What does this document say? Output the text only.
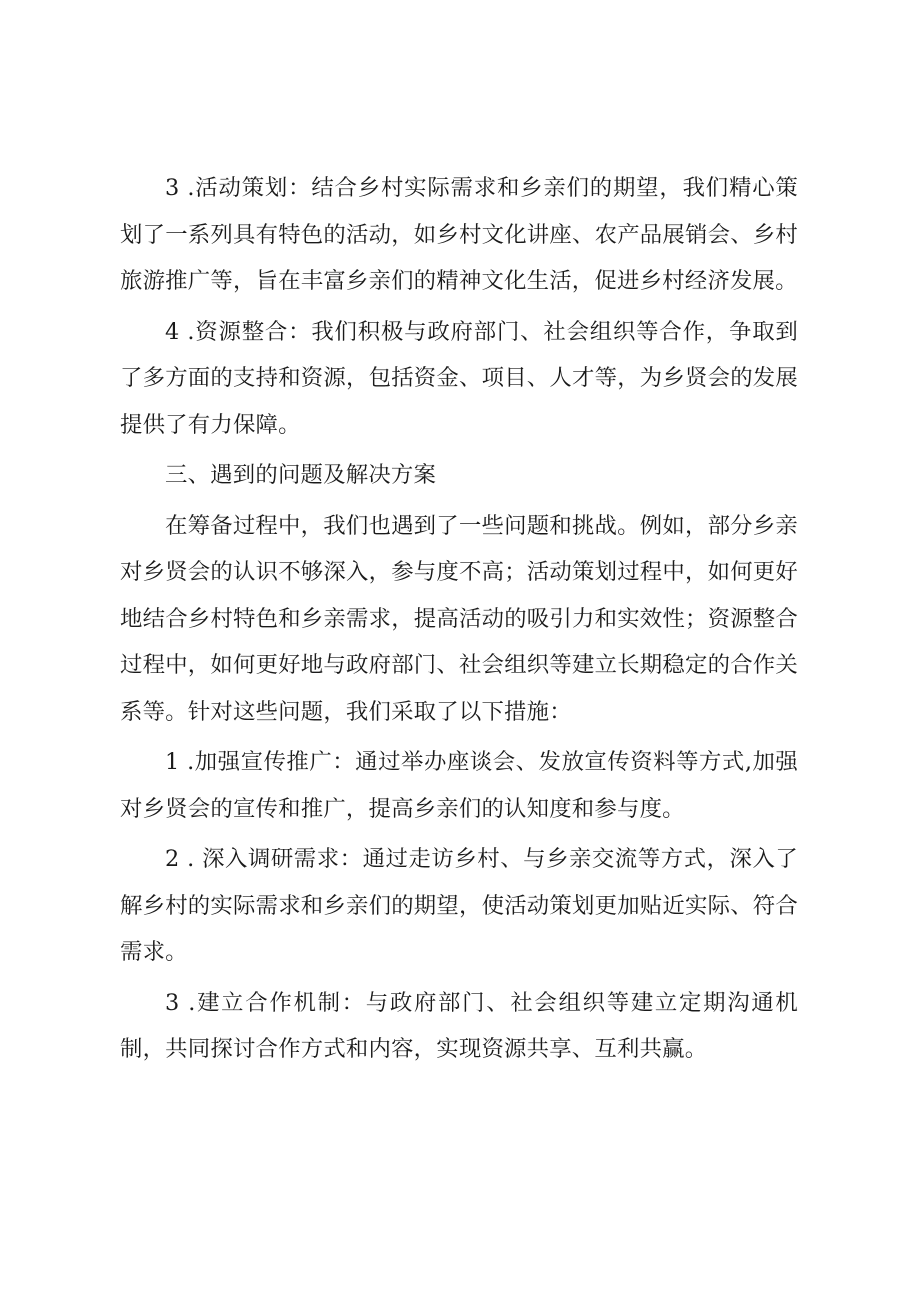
3 .活动策划：结合乡村实际需求和乡亲们的期望，我们精心策划了一系列具有特色的活动，如乡村文化讲座、农产品展销会、乡村旅游推广等，旨在丰富乡亲们的精神文化生活，促进乡村经济发展。

4 .资源整合：我们积极与政府部门、社会组织等合作，争取到了多方面的支持和资源，包括资金、项目、人才等，为乡贤会的发展提供了有力保障。

三、遇到的问题及解决方案

在筹备过程中，我们也遇到了一些问题和挑战。例如，部分乡亲对乡贤会的认识不够深入，参与度不高；活动策划过程中，如何更好地结合乡村特色和乡亲需求，提高活动的吸引力和实效性；资源整合过程中，如何更好地与政府部门、社会组织等建立长期稳定的合作关系等。针对这些问题，我们采取了以下措施：

1 .加强宣传推广：通过举办座谈会、发放宣传资料等方式,加强对乡贤会的宣传和推广，提高乡亲们的认知度和参与度。

2 . 深入调研需求：通过走访乡村、与乡亲交流等方式，深入了解乡村的实际需求和乡亲们的期望，使活动策划更加贴近实际、符合需求。

3 .建立合作机制：与政府部门、社会组织等建立定期沟通机制，共同探讨合作方式和内容，实现资源共享、互利共赢。
